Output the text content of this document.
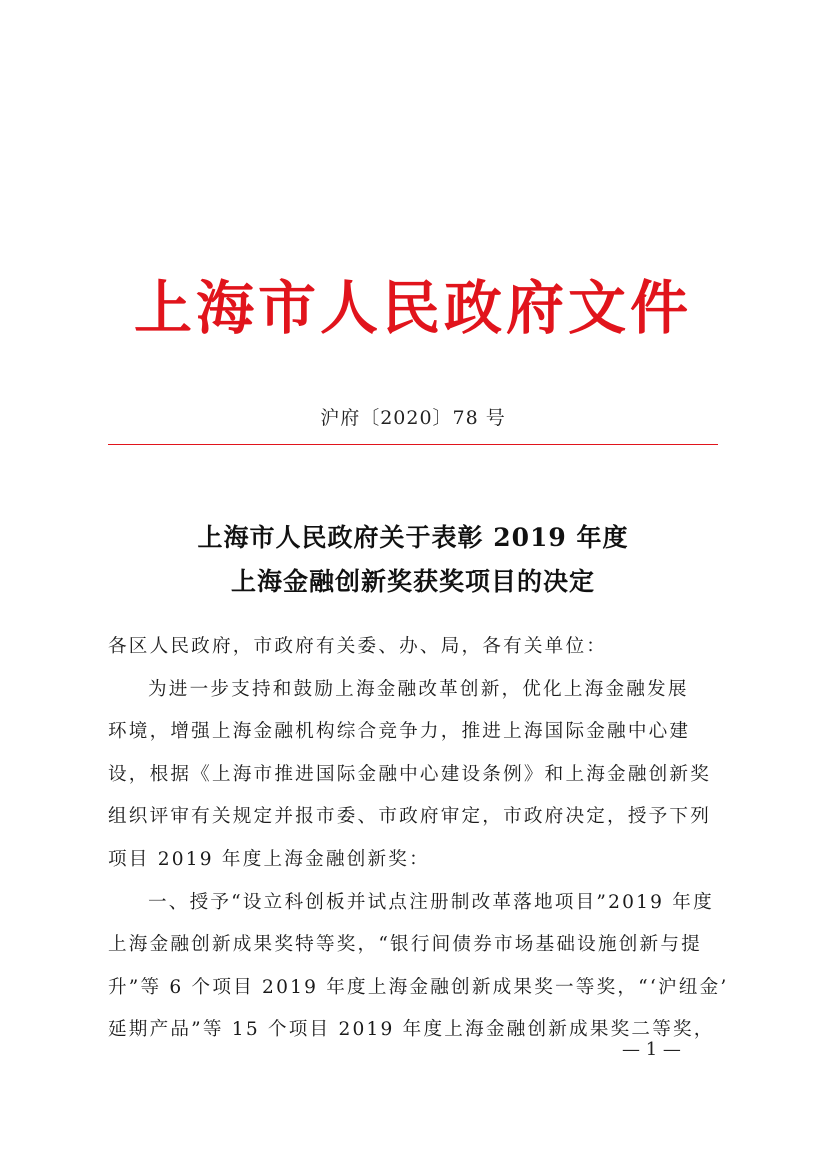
上海市人民政府文件
沪府〔2020〕78 号
上海市人民政府关于表彰 2019 年度
上海金融创新奖获奖项目的决定
各区人民政府，市政府有关委、办、局，各有关单位：
为进一步支持和鼓励上海金融改革创新，优化上海金融发展
环境，增强上海金融机构综合竞争力，推进上海国际金融中心建
设，根据《上海市推进国际金融中心建设条例》和上海金融创新奖
组织评审有关规定并报市委、市政府审定，市政府决定，授予下列
项目 2019 年度上海金融创新奖：
一、授予“设立科创板并试点注册制改革落地项目”2019 年度
上海金融创新成果奖特等奖，“银行间债券市场基础设施创新与提
升”等 6 个项目 2019 年度上海金融创新成果奖一等奖，“‘沪纽金’
延期产品”等 15 个项目 2019 年度上海金融创新成果奖二等奖，
— 1 —
